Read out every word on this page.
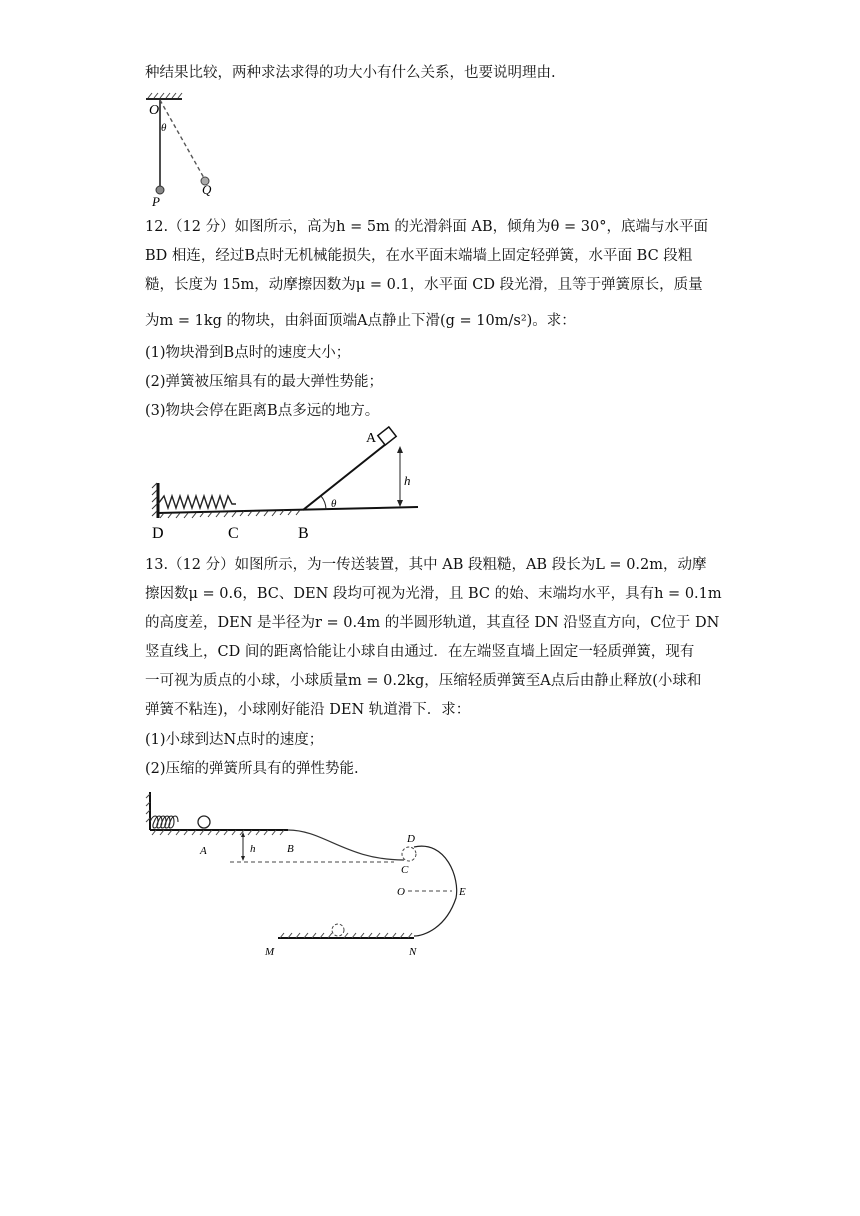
种结果比较，两种求法求得的功大小有什么关系，也要说明理由.
O
θ
P
Q
12.（12 分）如图所示，高为h = 5m 的光滑斜面 AB，倾角为θ = 30°，底端与水平面
BD 相连，经过B点时无机械能损失，在水平面末端墙上固定轻弹簧，水平面 BC 段粗
糙，长度为 15m，动摩擦因数为μ = 0.1，水平面 CD 段光滑，且等于弹簧原长，质量
为m = 1kg 的物块，由斜面顶端A点静止下滑(g = 10m/s²)。求：
(1)物块滑到B点时的速度大小；
(2)弹簧被压缩具有的最大弹性势能；
(3)物块会停在距离B点多远的地方。
A
h
θ
D	C	B
13.（12 分）如图所示，为一传送装置，其中 AB 段粗糙，AB 段长为L = 0.2m，动摩
擦因数μ = 0.6，BC、DEN 段均可视为光滑，且 BC 的始、末端均水平，具有h = 0.1m
的高度差，DEN 是半径为r = 0.4m 的半圆形轨道，其直径 DN 沿竖直方向，C位于 DN
竖直线上，CD 间的距离恰能让小球自由通过．在左端竖直墙上固定一轻质弹簧，现有
一可视为质点的小球，小球质量m = 0.2kg，压缩轻质弹簧至A点后由静止释放(小球和
弹簧不粘连)，小球刚好能沿 DEN 轨道滑下．求：
(1)小球到达N点时的速度；
(2)压缩的弹簧所具有的弹性势能.
A	h	B
D
C
O	E
M	N
